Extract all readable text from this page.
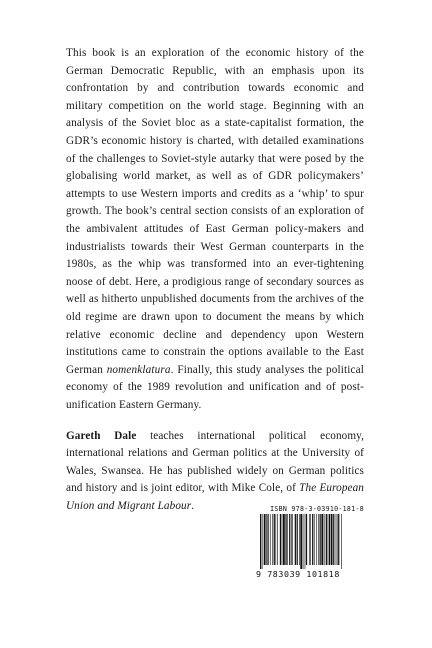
This book is an exploration of the economic history of the German Democratic Republic, with an emphasis upon its confrontation by and contribution towards economic and military competition on the world stage. Beginning with an analysis of the Soviet bloc as a state-capitalist formation, the GDR’s economic history is charted, with detailed examinations of the challenges to Soviet-style autarky that were posed by the globalising world market, as well as of GDR policymakers’ attempts to use Western imports and credits as a ‘whip’ to spur growth. The book’s central section consists of an exploration of the ambivalent attitudes of East German policy-makers and industrialists towards their West German counterparts in the 1980s, as the whip was transformed into an ever-tightening noose of debt. Here, a prodigious range of secondary sources as well as hitherto unpublished documents from the archives of the old regime are drawn upon to document the means by which relative economic decline and dependency upon Western institutions came to constrain the options available to the East German nomenklatura. Finally, this study analyses the political economy of the 1989 revolution and unification and of post-unification Eastern Germany.

Gareth Dale teaches international political economy, international relations and German politics at the University of Wales, Swansea. He has published widely on German politics and history and is joint editor, with Mike Cole, of The European Union and Migrant Labour.	ISBN 978-3-03910-181-8
9 783039 101818
